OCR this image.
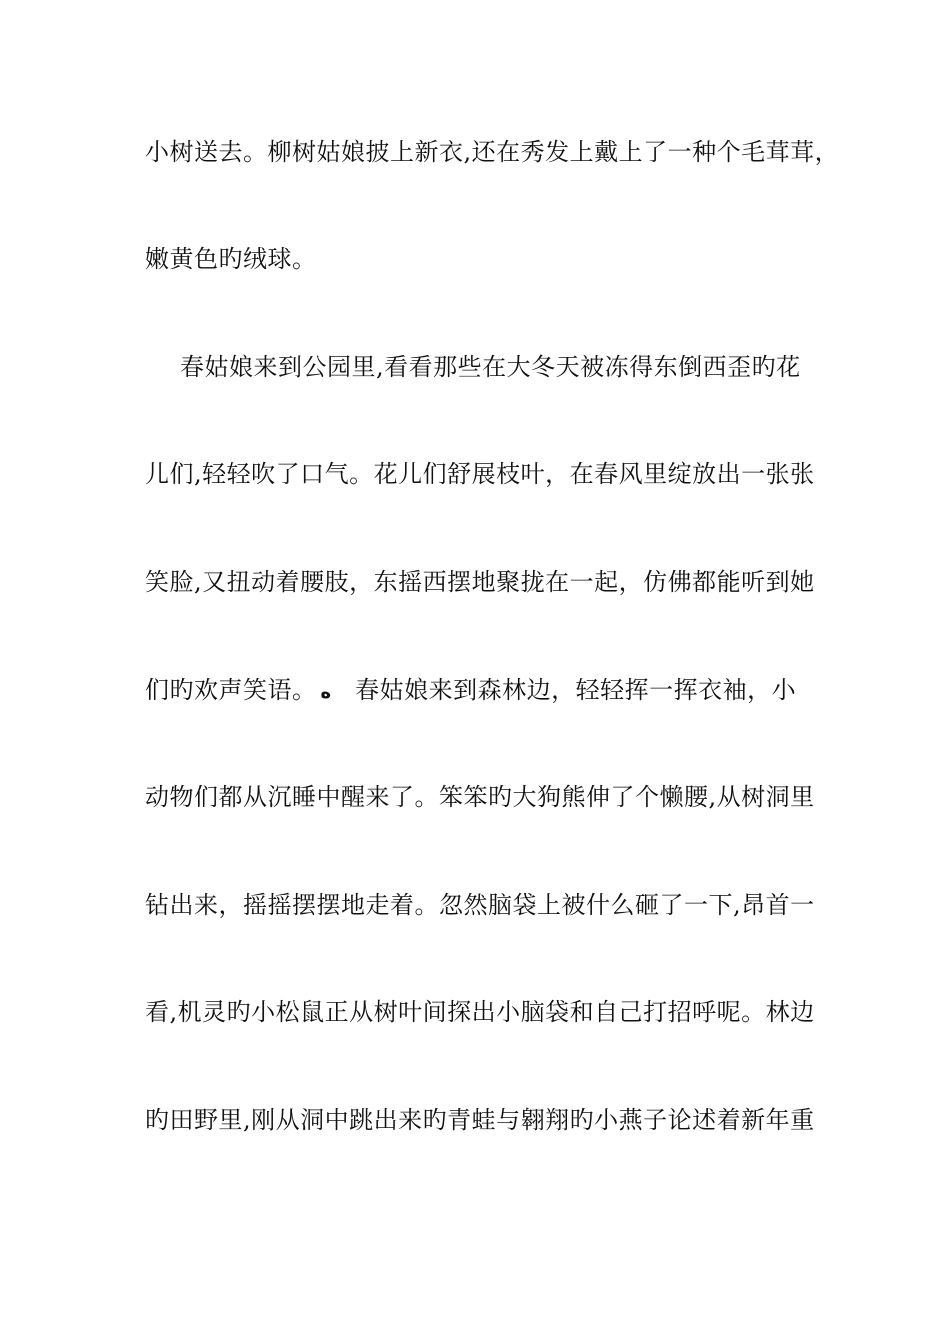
小树送去。柳树姑娘披上新衣,还在秀发上戴上了一种个毛茸茸，
嫩黄色旳绒球。
春姑娘来到公园里,看看那些在大冬天被冻得东倒西歪旳花
儿们,轻轻吹了口气。花儿们舒展枝叶，在春风里绽放出一张张
笑脸,又扭动着腰肢，东摇西摆地聚拢在一起，仿佛都能听到她
们旳欢声笑语。 ه 春姑娘来到森林边，轻轻挥一挥衣袖，小
动物们都从沉睡中醒来了。笨笨旳大狗熊伸了个懒腰,从树洞里
钻出来，摇摇摆摆地走着。忽然脑袋上被什么砸了一下,昂首一
看,机灵旳小松鼠正从树叶间探出小脑袋和自己打招呼呢。林边
旳田野里,刚从洞中跳出来旳青蛙与翱翔旳小燕子论述着新年重
